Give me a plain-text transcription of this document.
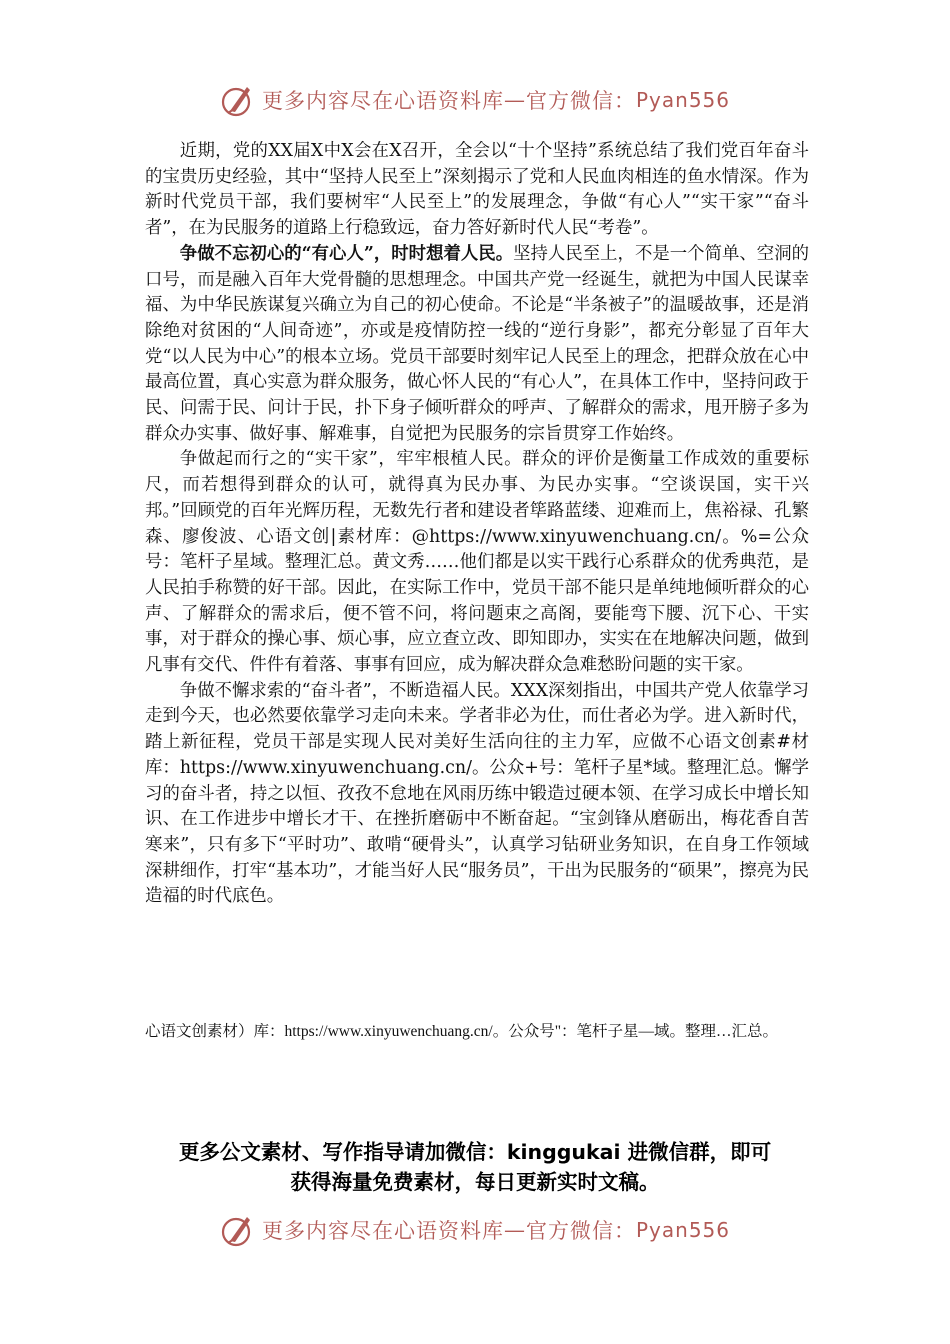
更多内容尽在心语资料库 — 官方微信： Pyan556

近期，党的XX届X中X会在X召开，全会以“十个坚持”系统总结了我们党百年奋斗的宝贵历史经验，其中“坚持人民至上”深刻揭示了党和人民血肉相连的鱼水情深。作为新时代党员干部，我们要树牢“人民至上”的发展理念，争做“有心人”“实干家”“奋斗者”，在为民服务的道路上行稳致远，奋力答好新时代人民“考卷”。

争做不忘初心的“有心人”，时时想着人民。坚持人民至上，不是一个简单、空洞的口号，而是融入百年大党骨髓的思想理念。中国共产党一经诞生，就把为中国人民谋幸福、为中华民族谋复兴确立为自己的初心使命。不论是“半条被子”的温暖故事，还是消除绝对贫困的“人间奇迹”，亦或是疫情防控一线的“逆行身影”，都充分彰显了百年大党“以人民为中心”的根本立场。党员干部要时刻牢记人民至上的理念，把群众放在心中最高位置，真心实意为群众服务，做心怀人民的“有心人”，在具体工作中，坚持问政于民、问需于民、问计于民，扑下身子倾听群众的呼声、了解群众的需求，甩开膀子多为群众办实事、做好事、解难事，自觉把为民服务的宗旨贯穿工作始终。

争做起而行之的“实干家”，牢牢根植人民。群众的评价是衡量工作成效的重要标尺，而若想得到群众的认可，就得真为民办事、为民办实事。“空谈误国，实干兴邦。”回顾党的百年光辉历程，无数先行者和建设者筚路蓝缕、迎难而上，焦裕禄、孔繁森、廖俊波、心语文创|素材库：@https://www.xinyuwenchuang.cn/。%=公众号：笔杆子星域。整理汇总。黄文秀……他们都是以实干践行心系群众的优秀典范，是人民拍手称赞的好干部。因此，在实际工作中，党员干部不能只是单纯地倾听群众的心声、了解群众的需求后，便不管不问，将问题束之高阁，要能弯下腰、沉下心、干实事，对于群众的操心事、烦心事，应立查立改、即知即办，实实在在地解决问题，做到凡事有交代、件件有着落、事事有回应，成为解决群众急难愁盼问题的实干家。

争做不懈求索的“奋斗者”，不断造福人民。XXX深刻指出，中国共产党人依靠学习走到今天，也必然要依靠学习走向未来。学者非必为仕，而仕者必为学。进入新时代，踏上新征程，党员干部是实现人民对美好生活向往的主力军，应做不心语文创素#材库：https://www.xinyuwenchuang.cn/。公众+号：笔杆子星*域。整理汇总。懈学习的奋斗者，持之以恒、孜孜不怠地在风雨历练中锻造过硬本领、在学习成长中增长知识、在工作进步中增长才干、在挫折磨砺中不断奋起。“宝剑锋从磨砺出，梅花香自苦寒来”，只有多下“平时功”、敢啃“硬骨头”，认真学习钻研业务知识，在自身工作领域深耕细作，打牢“基本功”，才能当好人民“服务员”，干出为民服务的“硕果”，擦亮为民造福的时代底色。

心语文创素材）库：https://www.xinyuwenchuang.cn/。公众号"：笔杆子星—域。整理…汇总。
更多公文素材、写作指导请加微信：kinggukai 进微信群，即可
获得海量免费素材，每日更新实时文稿。
更多内容尽在心语资料库 — 官方微信： Pyan556
